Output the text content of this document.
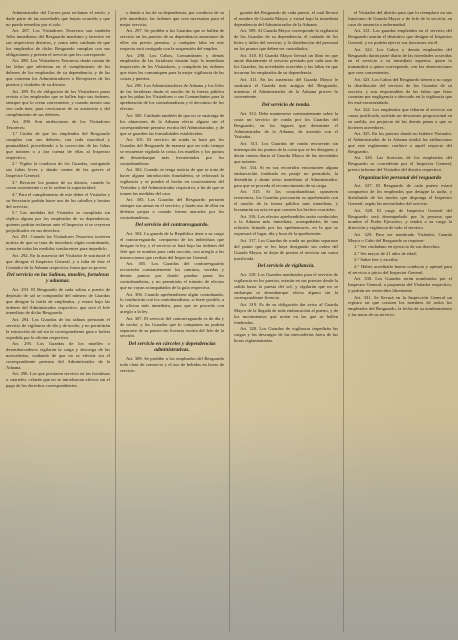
Administrador del Correo para reclamar el envío, y darle parte de las novedades que hayan ocurrido y que no pueda remediar por sí solo.

Art. 287. Los Visitadores Tesoreros son también Jefes inmediatos del Resguardo marítimo y terrestre en sus respectivos distritos, y como tales cuidarán de que los empleados de dicho Resguardo cumplan con sus obligaciones y presten el servicio que les corresponde.

Art. 288. Los Visitadores Tesoreros darán cuenta de las faltas que adviertan en el cumplimiento de los deberes de los empleados de su dependencia, y de las que cometan los Administradores o Receptores de los puertos y ciudades de su distrito.

Art. 289. Es de obligación de los Visitadores pasar revista a los empleados que se hallen bajo sus órdenes, siempre que lo crean conveniente, y cuando menos una vez cada mes, para cerciorarse de su asistencia y del cumplimiento de sus deberes.

Art. 290. Son atribuciones de los Visitadores Tesoreros:

1.° Cuidar de que los empleados del Resguardo cumplan con sus deberes, con toda exactitud y puntualidad, procediendo a la corrección de las faltas que notaren o a dar cuenta de ellas al Inspector respectivo;

2.° Vigilar la conducta de los Guardas, castigando sus faltas leves y dando cuenta de las graves al Inspector General;

3.° Recorrer los puntos de su distrito, cuando lo crean conveniente o se lo ordene la superioridad;

4.° Para el cumplimiento de este deber el Visitador y su Secretario podrán hacer uso de los caballos y bestias del servicio;

5.° Las medidas del Visitador se cumplirán sin réplica alguna por los empleados de su dependencia, quienes podrán reclamar ante el Inspector si se creyeren perjudicados en sus derechos.

Art. 291. Cuando los Visitadores Tesoreros tuvieren noticia de que se trata de introducir algún contrabando, tomarán todas las medidas conducentes para impedirlo.

Art. 292. En la ausencia del Visitador le sustituirá el que designe el Inspector General, y a falta de éste el Contador de la Aduana respectiva, hasta que se provea.

Del servicio en las Salinas, muelles, fortalezas y aduanas.

Art. 293. El Resguardo de cada salina o puerto de depósito de sal se compondrá del número de Guardas que designe la tarifa de empleados, y estará bajo las órdenes del Administrador respectivo, que será el Jefe inmediato de dicho Resguardo.

Art. 294. Los Guardas de las salinas prestarán el servicio de vigilancia de día y de noche, y no permitirán la extracción de sal sin la correspondiente guía o boleta expedida por la oficina respectiva.

Art. 295. Los Guardas de los muelles o desembarcaderos vigilarán la carga y descarga de las mercaderías, cuidando de que no se efectúe sin el correspondiente permiso del Administrador de la Aduana.

Art. 296. Los que prestaren servicio en las fortalezas o cuarteles, celarán que no se introduzcan efectos sin el pago de los derechos correspondientes.

y dando a los de su dependencia, por conducto de su jefe inmediato, las órdenes que crea necesarias para el mejor servicio.

Art. 297. Se prohíbe a los Guardas que se hallen de servicio en los puertos de su dependencia ausentarse de ellos sin previo permiso, y cualquier falta en este respecto será castigada con la suspensión del empleo.

Art. 298. Los Cabos, Comandantes y demás empleados de las fortalezas estarán bajo la inmediata inspección de los Visitadores, y cumplirán las órdenes que éstos les comuniquen para la mejor vigilancia de las costas y puertos.

Art. 299. Los Administradores de Aduana y los Jefes de las fortalezas darán el auxilio de la fuerza pública que les pidan los Visitadores o sus Comandantes para la aprehensión de los contrabandistas y el decomiso de los efectos.

Art. 300. Cuidarán también de que no se sustraiga de los almacenes de la Aduana efecto alguno sin el correspondiente permiso escrito del Administrador, y de que se guarden las formalidades establecidas.

Art. 301. El servicio de ronda se hará por los Guardas del Resguardo de manera que en todo tiempo se encuentre vigilada la costa, los muelles y los puntos de desembarque más frecuentados por los contrabandistas.

Art. 302. Cuando se tenga noticia de que se trata de hacer alguna introducción fraudulenta, se reforzará la vigilancia y se pondrá el hecho en conocimiento del Visitador y del Administrador respectivo, a fin de que se tomen las medidas del caso.

Art. 303. Los Guardas del Resguardo portarán siempre sus armas en el servicio, y harán uso de ellas en defensa propia o cuando fueren atacados por los contrabandistas.

Del servicio del contraresguardo.

Art. 304. La guarda de la República tiene a su cargo el contraresguardo, compuesto de los individuos que designe la ley, y el servicio se hará bajo las órdenes del Jefe que se nombre para cada sección, con arreglo a las instrucciones que reciban del Inspector General.

Art. 305. Los Guardas del contraresguardo recorrerán constantemente los caminos, veredas y demás puntos por donde puedan pasar los contrabandistas, y no permitirán el tránsito de efectos que no vayan acompañados de la guía respectiva.

Art. 306. Cuando aprehendieren algún contrabando, lo conducirán con los contrabandistas, si fuere posible, a la oficina más inmediata, para que se proceda con arreglo a la ley.

Art. 307. El servicio del contraresguardo es de día y de noche, y los Guardas que lo componen no podrán separarse de su puesto sin licencia escrita del Jefe de la sección.

Del servicio en cárceles y dependencias administrativas.

Art. 308. Se prohíbe a los empleados del Resguardo toda clase de comercio y el uso de bebidas en horas de servicio.

guarda del Resguardo de cada puerto, el cual llevará el nombre de Guarda Mayor, y estará bajo la inmediata dependencia del Administrador de la Aduana.

Art. 309. Al Guarda Mayor corresponde la vigilancia de los Guardas de su dependencia, el cuidado de los botes y útiles del servicio, y la distribución del personal en los puntos que deben ser custodiados.

Art. 310. El Guarda Mayor llevará un libro en que anote diariamente el servicio prestado por cada uno de los Guardas, las novedades ocurridas y las faltas en que incurran los empleados de su dependencia.

Art. 311. En las ausencias del Guarda Mayor le sustituirá el Guarda más antiguo del Resguardo, mientras el Administrador de la Aduana provee lo conveniente.

Del servicio de ronda.

Art. 312. Debe mantenerse constantemente sobre la costa un servicio de ronda por los Guardas del Resguardo, en los lugares que determine el Administrador de la Aduana, de acuerdo con el Visitador.

Art. 313. Los Guardas de ronda recorrerán sin interrupción los puntos de la costa que se les designen, y darán cuenta diaria al Guarda Mayor de las novedades que notaren.

Art. 314. Si en sus recorridos encontraren alguna embarcación fondeada en paraje no permitido, la detendrán y darán aviso inmediato al Administrador, para que se proceda al reconocimiento de su carga.

Art. 315. Si los contrabandistas opusieren resistencia, los Guardas procurarán su aprehensión con el auxilio de la fuerza pública más inmediata, y levantarán un acta en que consten los hechos ocurridos.

Art. 316. Los efectos aprehendidos serán conducidos a la Aduana más inmediata, acompañados de una relación firmada por los aprehensores, en la que se expresará el lugar, día y hora de la aprehensión.

Art. 317. Los Guardas de ronda no podrán separarse del punto que se les haya designado sin orden del Guarda Mayor, ni dejar de prestar el servicio sin causa justificada.

Del servicio de vigilancia.

Art. 318. Los Guardas nombrados para el servicio de vigilancia en los puertos, estarán en sus puestos desde la salida hasta la puesta del sol, y vigilarán que no se embarque ni desembarque efecto alguno sin la correspondiente licencia.

Art. 319. Es de su obligación dar aviso al Guarda Mayor de la llegada de toda embarcación al puerto, y de los movimientos que noten en las que se hallen fondeadas.

Art. 320. Los Guardas de vigilancia impedirán las cargas y las descargas de las mercaderías fuera de las horas reglamentarias.

el Visitador del distrito para que lo reemplace en sus funciones de Guarda Mayor o de Jefe de la sección, en caso de ausencia o enfermedad.

Art. 321. Los guardas empleados en el servicio del Resguardo usarán el distintivo que designe el Inspector General, y no podrán ejercer sus funciones sin él.

Art. 322. Los Cabos y demás empleados del Resguardo darán parte diario de las novedades ocurridas en el servicio a su inmediato superior, quien lo transmitirá a quien corresponda, con las observaciones que crea convenientes.

Art. 323. Los Cabos del Resguardo tienen a su cargo la distribución del servicio de los Guardas de su sección, y son responsables de las faltas que éstos cometan por negligencia o descuido en la vigilancia que les está encomendada.

Art. 324. Los empleados que faltaren al servicio sin causa justificada, sufrirán un descuento proporcional en su sueldo, sin perjuicio de las demás penas a que se hicieren acreedores.

Art. 325. En los puertos donde no hubiere Visitador, el Administrador de la Aduana tendrá las atribuciones que este reglamento confiere a aquél respecto del Resguardo.

Art. 326. Las licencias de los empleados del Resguardo se concederán por el Inspector General, previo informe del Visitador del distrito respectivo.

Organización personal del resguardo

Art. 327. El Resguardo de cada puerto estará compuesto de los empleados que designe la tarifa, y distribuido de los modos que disponga el Inspector General, según las necesidades del servicio.

Art. 328. El cargo de Inspector General del Resguardo será desempeñado por la persona que nombre el Poder Ejecutivo, y tendrá a su cargo la dirección y vigilancia de todo el servicio.

Art. 329. Para ser nombrado Visitador, Guarda Mayor o Cabo del Resguardo se requiere:

1.° Ser ciudadano en ejercicio de sus derechos;

2.° Ser mayor de 21 años de edad;

3.° Saber leer y escribir;

4.° Haber acreditado buena conducta y aptitud para el servicio a juicio del Inspector General.

Art. 330. Los Guardas serán nombrados por el Inspector General, a propuesta del Visitador respectivo, y podrán ser removidos libremente.

Art. 331. Se llevará en la Inspección General un registro en que consten los nombres de todos los empleados del Resguardo, la fecha de su nombramiento y las notas de su servicio.
